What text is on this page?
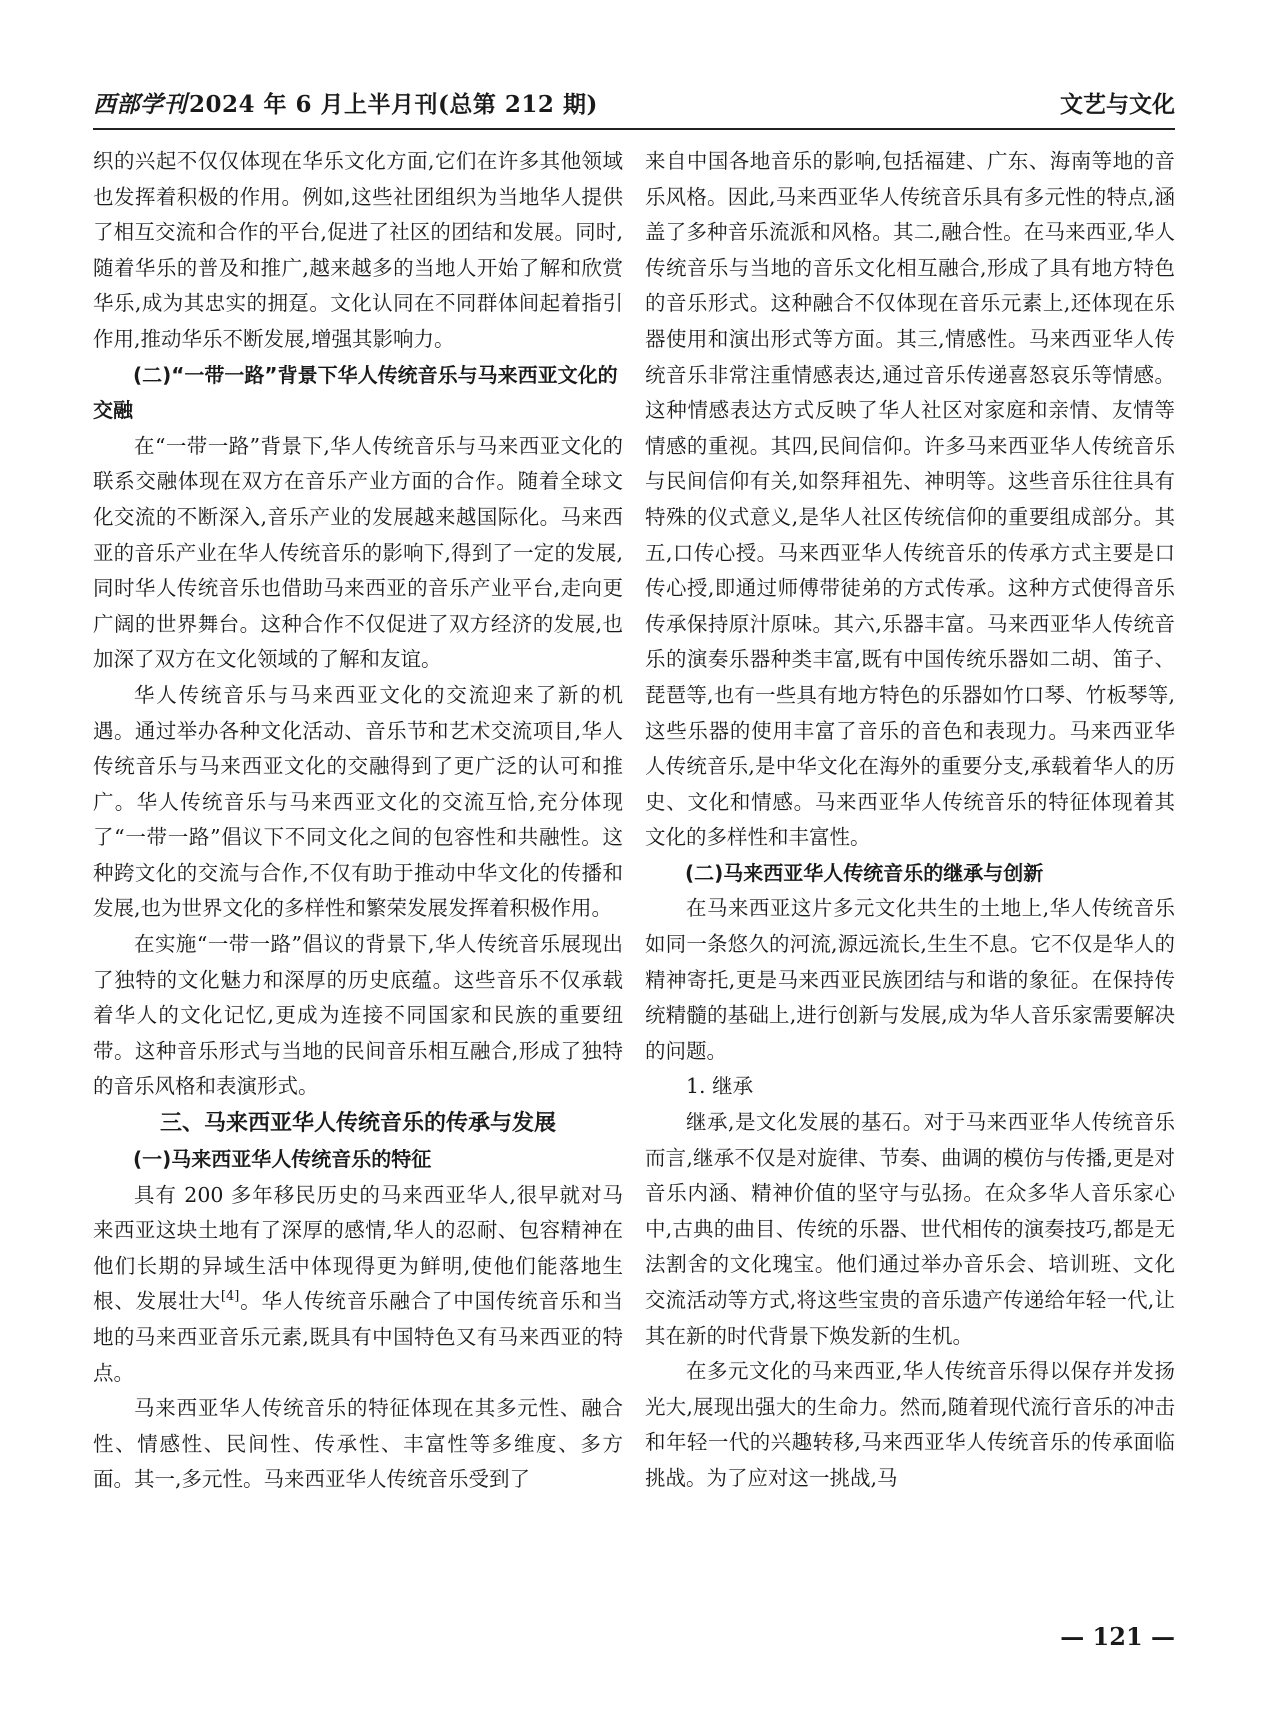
西部学刊2024 年 6 月上半月刊(总第 212 期)	文艺与文化

织的兴起不仅仅体现在华乐文化方面,它们在许多其他领域也发挥着积极的作用。例如,这些社团组织为当地华人提供了相互交流和合作的平台,促进了社区的团结和发展。同时,随着华乐的普及和推广,越来越多的当地人开始了解和欣赏华乐,成为其忠实的拥趸。文化认同在不同群体间起着指引作用,推动华乐不断发展,增强其影响力。

(二)“一带一路”背景下华人传统音乐与马来西亚文化的交融

在“一带一路”背景下,华人传统音乐与马来西亚文化的联系交融体现在双方在音乐产业方面的合作。随着全球文化交流的不断深入,音乐产业的发展越来越国际化。马来西亚的音乐产业在华人传统音乐的影响下,得到了一定的发展,同时华人传统音乐也借助马来西亚的音乐产业平台,走向更广阔的世界舞台。这种合作不仅促进了双方经济的发展,也加深了双方在文化领域的了解和友谊。

华人传统音乐与马来西亚文化的交流迎来了新的机遇。通过举办各种文化活动、音乐节和艺术交流项目,华人传统音乐与马来西亚文化的交融得到了更广泛的认可和推广。华人传统音乐与马来西亚文化的交流互恰,充分体现了“一带一路”倡议下不同文化之间的包容性和共融性。这种跨文化的交流与合作,不仅有助于推动中华文化的传播和发展,也为世界文化的多样性和繁荣发展发挥着积极作用。

在实施“一带一路”倡议的背景下,华人传统音乐展现出了独特的文化魅力和深厚的历史底蕴。这些音乐不仅承载着华人的文化记忆,更成为连接不同国家和民族的重要纽带。这种音乐形式与当地的民间音乐相互融合,形成了独特的音乐风格和表演形式。

三、马来西亚华人传统音乐的传承与发展
(一)马来西亚华人传统音乐的特征

具有 200 多年移民历史的马来西亚华人,很早就对马来西亚这块土地有了深厚的感情,华人的忍耐、包容精神在他们长期的异域生活中体现得更为鲜明,使他们能落地生根、发展壮大[4]。华人传统音乐融合了中国传统音乐和当地的马来西亚音乐元素,既具有中国特色又有马来西亚的特点。

马来西亚华人传统音乐的特征体现在其多元性、融合性、情感性、民间性、传承性、丰富性等多维度、多方面。其一,多元性。马来西亚华人传统音乐受到了

来自中国各地音乐的影响,包括福建、广东、海南等地的音乐风格。因此,马来西亚华人传统音乐具有多元性的特点,涵盖了多种音乐流派和风格。其二,融合性。在马来西亚,华人传统音乐与当地的音乐文化相互融合,形成了具有地方特色的音乐形式。这种融合不仅体现在音乐元素上,还体现在乐器使用和演出形式等方面。其三,情感性。马来西亚华人传统音乐非常注重情感表达,通过音乐传递喜怒哀乐等情感。这种情感表达方式反映了华人社区对家庭和亲情、友情等情感的重视。其四,民间信仰。许多马来西亚华人传统音乐与民间信仰有关,如祭拜祖先、神明等。这些音乐往往具有特殊的仪式意义,是华人社区传统信仰的重要组成部分。其五,口传心授。马来西亚华人传统音乐的传承方式主要是口传心授,即通过师傅带徒弟的方式传承。这种方式使得音乐传承保持原汁原味。其六,乐器丰富。马来西亚华人传统音乐的演奏乐器种类丰富,既有中国传统乐器如二胡、笛子、琵琶等,也有一些具有地方特色的乐器如竹口琴、竹板琴等,这些乐器的使用丰富了音乐的音色和表现力。马来西亚华人传统音乐,是中华文化在海外的重要分支,承载着华人的历史、文化和情感。马来西亚华人传统音乐的特征体现着其文化的多样性和丰富性。

(二)马来西亚华人传统音乐的继承与创新

在马来西亚这片多元文化共生的土地上,华人传统音乐如同一条悠久的河流,源远流长,生生不息。它不仅是华人的精神寄托,更是马来西亚民族团结与和谐的象征。在保持传统精髓的基础上,进行创新与发展,成为华人音乐家需要解决的问题。

1. 继承

继承,是文化发展的基石。对于马来西亚华人传统音乐而言,继承不仅是对旋律、节奏、曲调的模仿与传播,更是对音乐内涵、精神价值的坚守与弘扬。在众多华人音乐家心中,古典的曲目、传统的乐器、世代相传的演奏技巧,都是无法割舍的文化瑰宝。他们通过举办音乐会、培训班、文化交流活动等方式,将这些宝贵的音乐遗产传递给年轻一代,让其在新的时代背景下焕发新的生机。

在多元文化的马来西亚,华人传统音乐得以保存并发扬光大,展现出强大的生命力。然而,随着现代流行音乐的冲击和年轻一代的兴趣转移,马来西亚华人传统音乐的传承面临挑战。为了应对这一挑战,马

— 121 —
